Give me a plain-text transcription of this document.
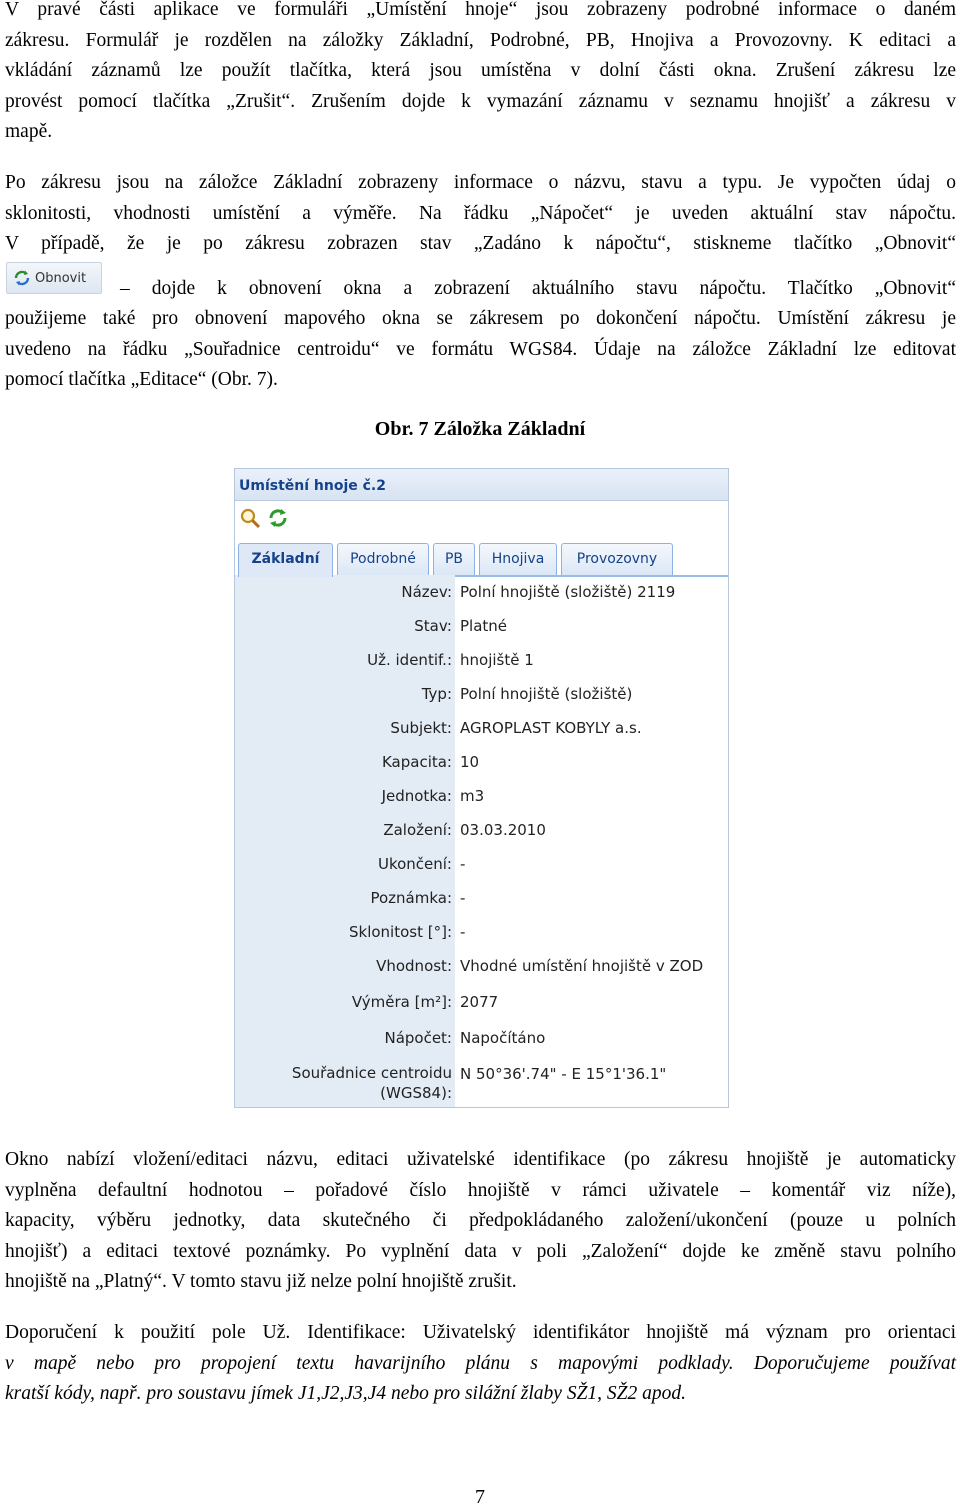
V pravé části aplikace ve formuláři „Umístění hnoje“ jsou zobrazeny podrobné informace o daném
zákresu. Formulář je rozdělen na záložky Základní, Podrobné, PB, Hnojiva a Provozovny. K editaci a
vkládání záznamů lze použít tlačítka, která jsou umístěna v dolní části okna. Zrušení zákresu lze
provést pomocí tlačítka „Zrušit“. Zrušením dojde k vymazání záznamu v seznamu hnojišť a zákresu v
mapě.
Po zákresu jsou na záložce Základní zobrazeny informace o názvu, stavu a typu. Je vypočten údaj o
sklonitosti, vhodnosti umístění a výměře. Na řádku „Nápočet“ je uveden aktuální stav nápočtu.
V případě, že je po zákresu zobrazen stav „Zadáno k nápočtu“, stiskneme tlačítko „Obnovit“
– dojde k obnovení okna a zobrazení aktuálního stavu nápočtu. Tlačítko „Obnovit“
použijeme také pro obnovení mapového okna se zákresem po dokončení nápočtu. Umístění zákresu je
uvedeno na řádku „Souřadnice centroidu“ ve formátu WGS84. Údaje na záložce Základní lze editovat
pomocí tlačítka „Editace“ (Obr. 7).
Obnovit
Obr. 7 Záložka Základní
Umístění hnoje č.2
Základní	Podrobné	PB	Hnojiva	Provozovny
Název: Polní hnojiště (složiště) 2119
Stav: Platné
Už. identif.: hnojiště 1
Typ: Polní hnojiště (složiště)
Subjekt: AGROPLAST KOBYLY a.s.
Kapacita: 10
Jednotka: m3
Založení: 03.03.2010
Ukončení: -
Poznámka: -
Sklonitost [°]: -
Vhodnost: Vhodné umístění hnojiště v ZOD
Výměra [m²]: 2077
Nápočet: Napočítáno
Souřadnice centroidu (WGS84):
N 50°36'.74" - E 15°1'36.1"
Okno nabízí vložení/editaci názvu, editaci uživatelské identifikace (po zákresu hnojiště je automaticky
vyplněna defaultní hodnotou – pořadové číslo hnojiště v rámci uživatele – komentář viz níže),
kapacity, výběru jednotky, data skutečného či předpokládaného založení/ukončení (pouze u polních
hnojišť) a editaci textové poznámky. Po vyplnění data v poli „Založení“ dojde ke změně stavu polního
hnojiště na „Platný“. V tomto stavu již nelze polní hnojiště zrušit.
Doporučení k použití pole Už. Identifikace: Uživatelský identifikátor hnojiště má význam pro orientaci
v mapě nebo pro propojení textu havarijního plánu s mapovými podklady. Doporučujeme používat
kratší kódy, např. pro soustavu jímek J1,J2,J3,J4 nebo pro silážní žlaby SŽ1, SŽ2 apod.
7
